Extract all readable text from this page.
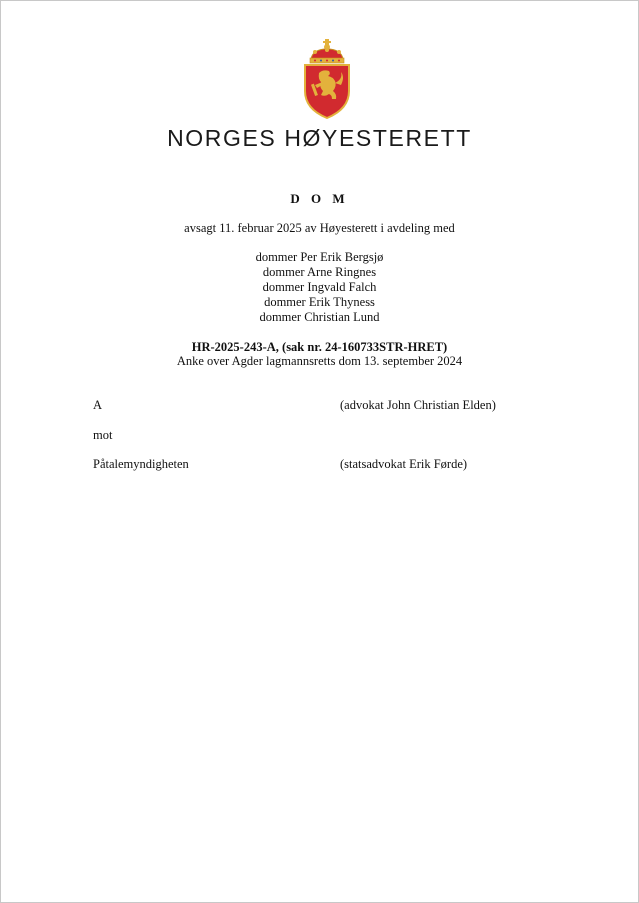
NORGES HØYESTERETT
D O M
avsagt 11. februar 2025 av Høyesterett i avdeling med
dommer Per Erik Bergsjø
dommer Arne Ringnes
dommer Ingvald Falch
dommer Erik Thyness
dommer Christian Lund
HR-2025-243-A, (sak nr. 24-160733STR-HRET)
Anke over Agder lagmannsretts dom 13. september 2024
A	(advokat John Christian Elden)
mot
Påtalemyndigheten	(statsadvokat Erik Førde)
